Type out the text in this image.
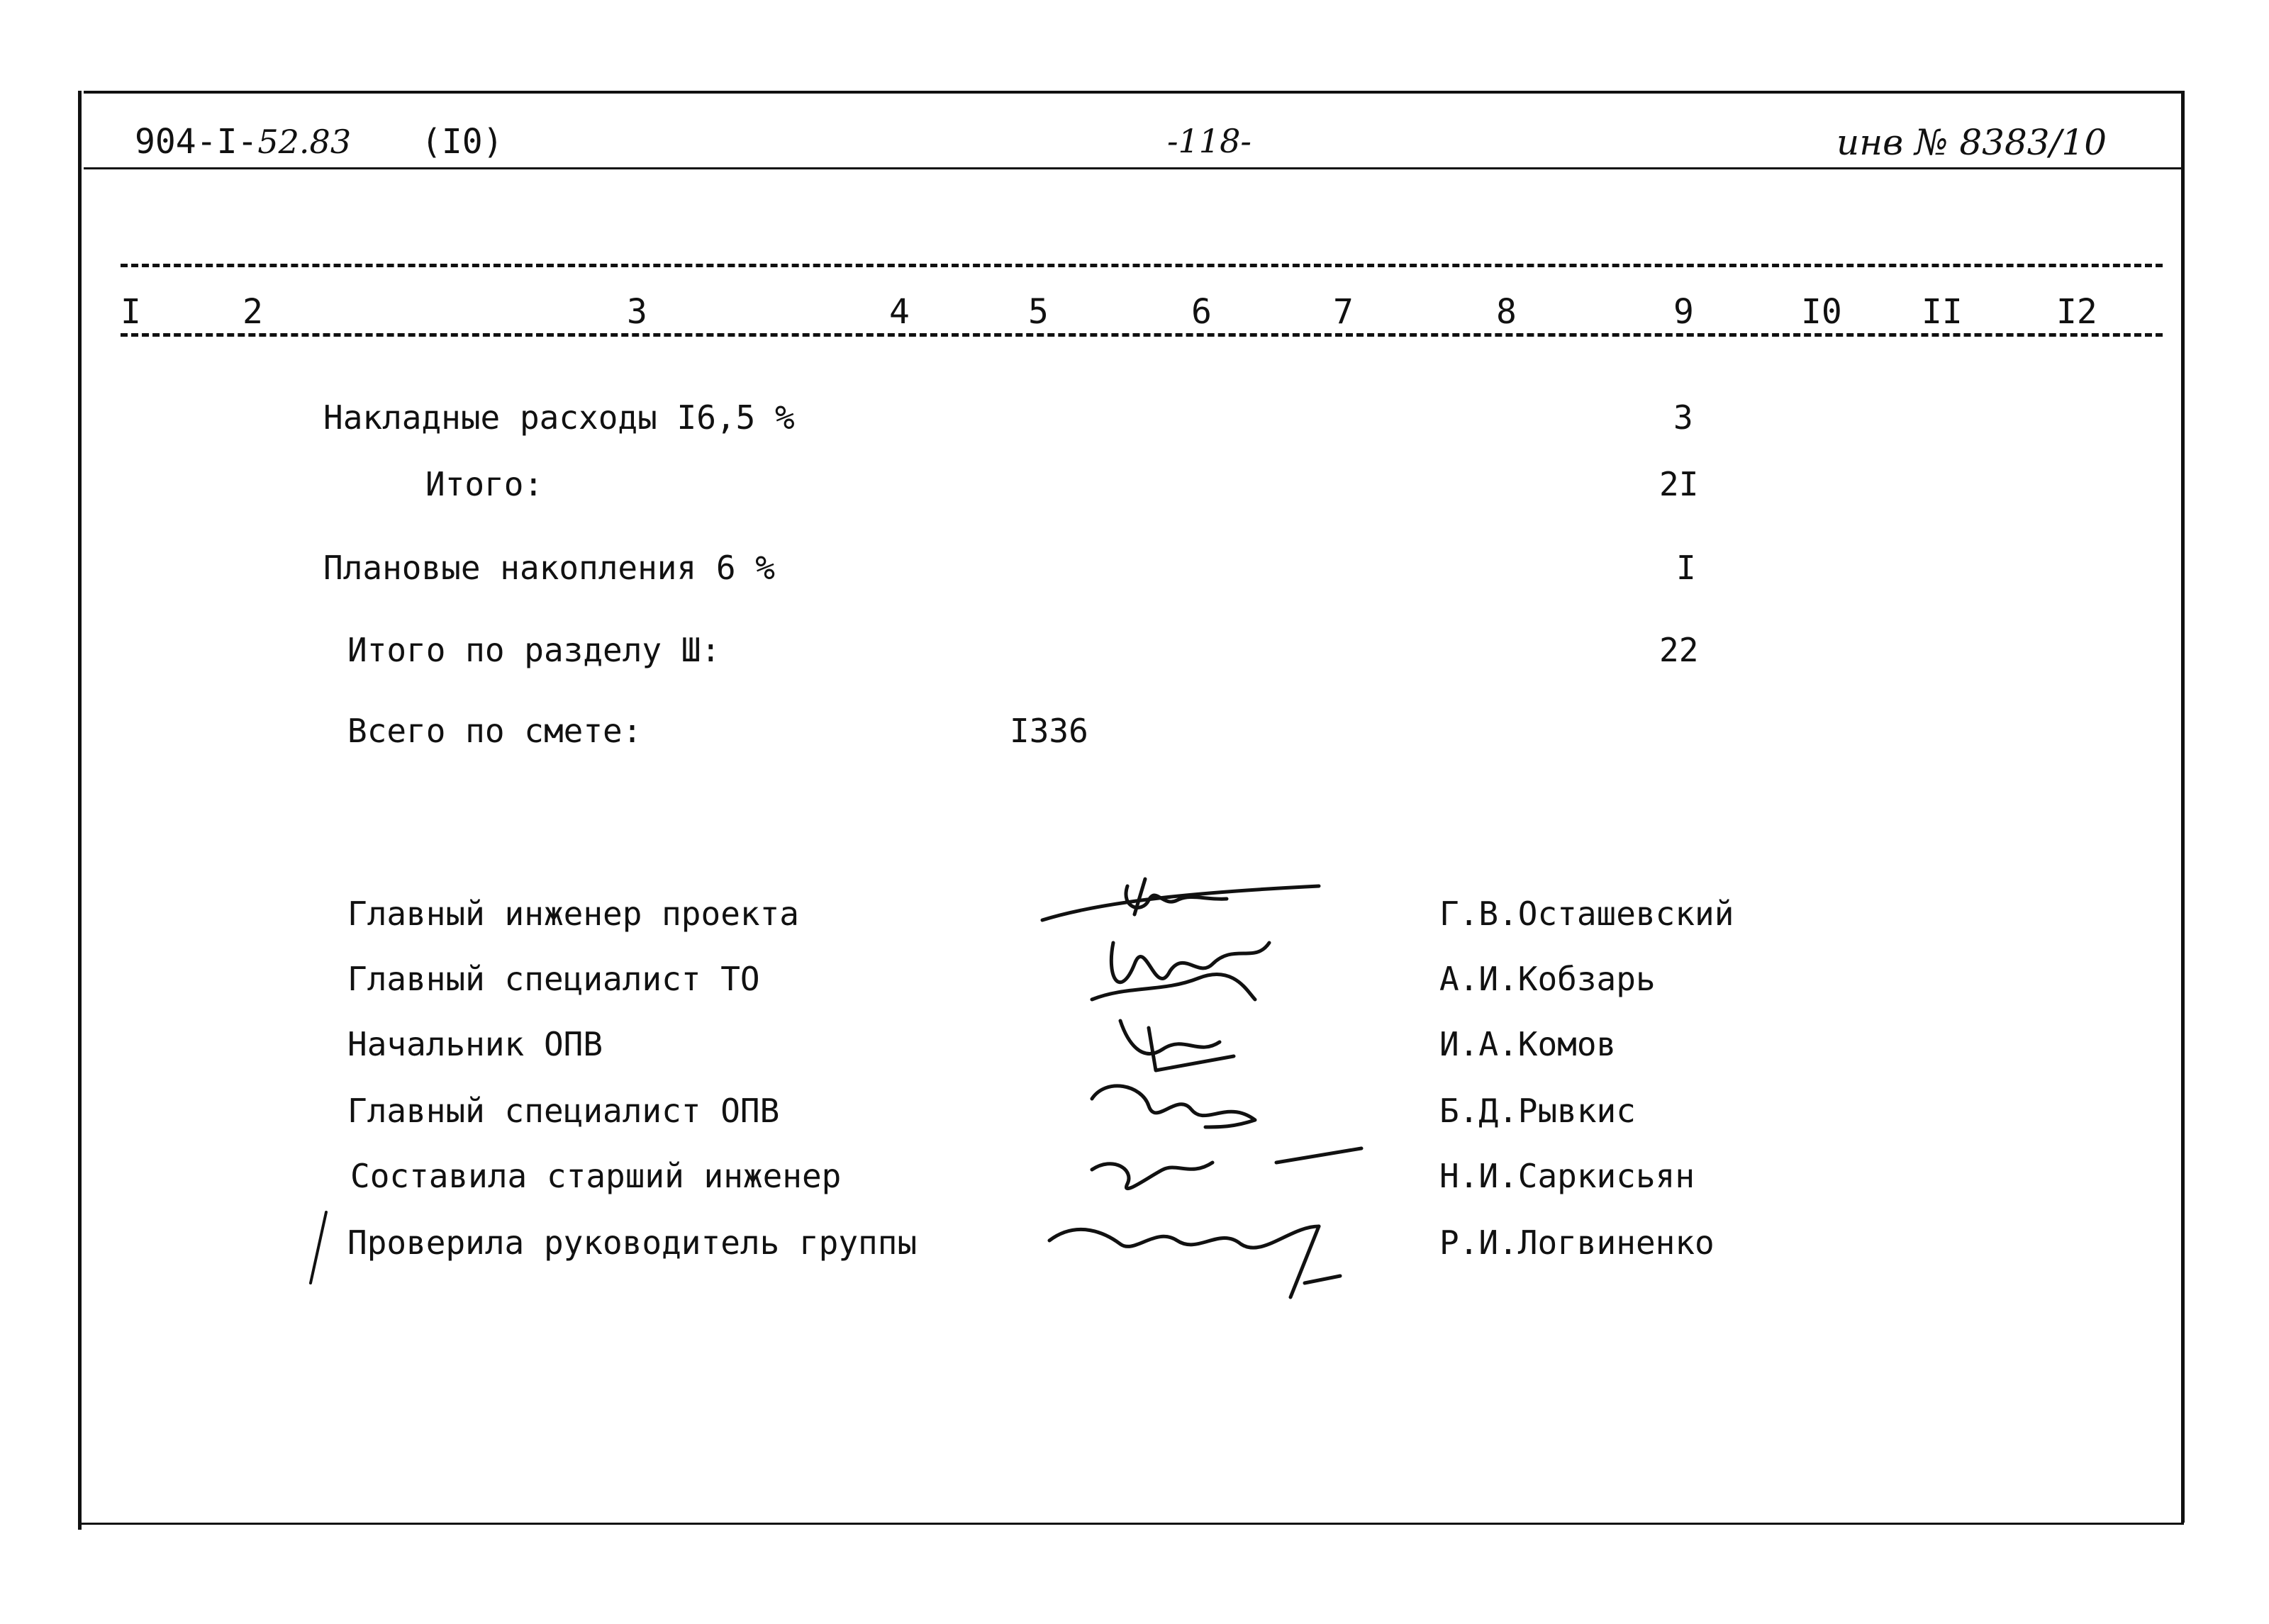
904-I-52.83 (I0)	-118-	инв № 8383/10
I	2	3	4	5	6	7	8	9	I0 II	I2
Накладные расходы I6,5 %	3
Итого:	2I
Плановые накопления 6 %	I
Итого по разделу Ш:	22
Всего по смете:	I336
Главный инженер проекта	Г.В.Осташевский
Главный специалист ТО	А.И.Кобзарь
Начальник ОПВ	И.А.Комов
Главный специалист ОПВ	Б.Д.Рывкис
Составила старший инженер	Н.И.Саркисьян
Проверила руководитель группы	Р.И.Логвиненко
